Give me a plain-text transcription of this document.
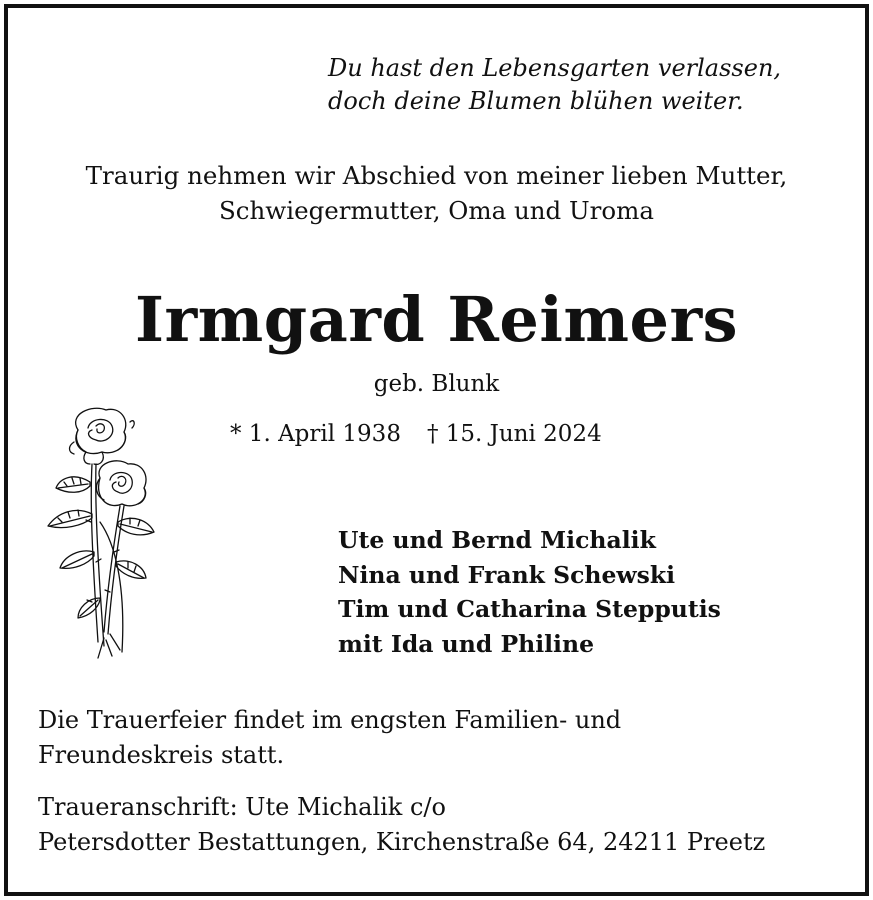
Du hast den Lebensgarten verlassen,
doch deine Blumen blühen weiter.
Traurig nehmen wir Abschied von meiner lieben Mutter,
Schwiegermutter, Oma und Uroma
Irmgard Reimers
geb. Blunk
* 1. April 1938 † 15. Juni 2024
Ute und Bernd Michalik
Nina und Frank Schewski
Tim und Catharina Stepputis
mit Ida und Philine
Die Trauerfeier findet im engsten Familien- und
Freundeskreis statt.
Traueranschrift: Ute Michalik c/o
Petersdotter Bestattungen, Kirchenstraße 64, 24211 Preetz
